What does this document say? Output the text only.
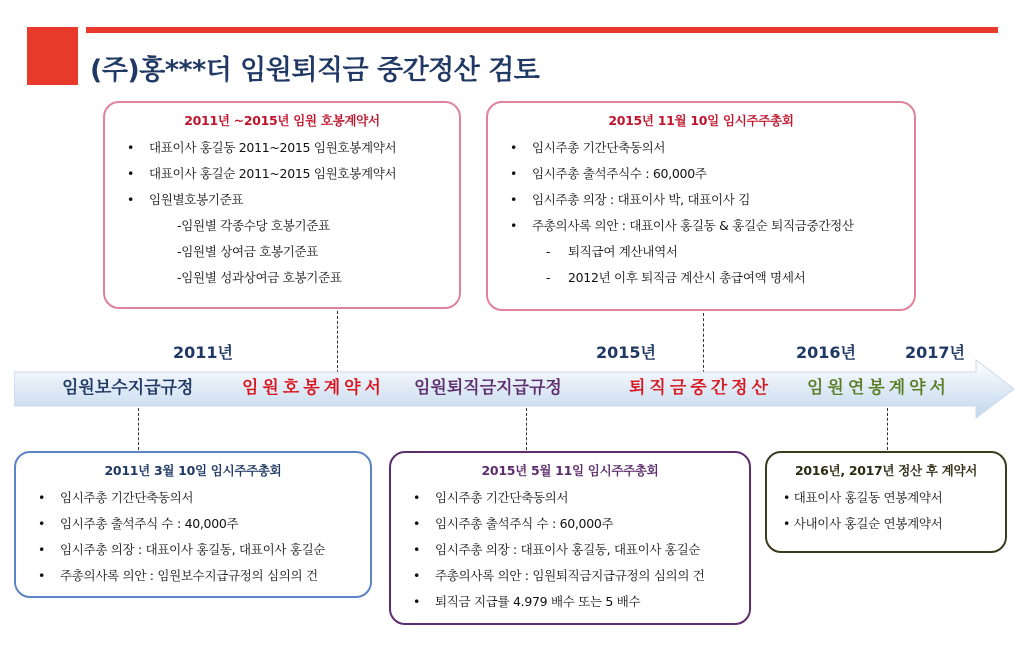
(주)홍***더 임원퇴직금 중간정산 검토
2011년 ~2015년 임원 호봉계약서
• 대표이사 홍길동 2011~2015 임원호봉계약서
• 대표이사 홍길순 2011~2015 임원호봉계약서
• 임원별호봉기준표
-임원별 각종수당 호봉기준표
-임원별 상여금 호봉기준표
-임원별 성과상여금 호봉기준표
2015년 11월 10일 임시주주총회
• 임시주총 기간단축동의서
• 임시주총 출석주식수 : 60,000주
• 임시주총 의장 : 대표이사 박, 대표이사 김
• 주총의사록 의안 : 대표이사 홍길동 & 홍길순 퇴직금중간정산
- 퇴직급여 계산내역서
- 2012년 이후 퇴직금 계산시 총급여액 명세서
2011년	2015년	2016년	2017년
임원보수지급규정	임원호봉계약서 임원퇴직금지급규정	퇴직금중간정산 임원연봉계약서
2011년 3월 10일 임시주주총회
• 임시주총 기간단축동의서
• 임시주총 출석주식 수 : 40,000주
• 임시주총 의장 : 대표이사 홍길동, 대표이사 홍길순
• 주총의사록 의안 : 임원보수지급규정의 심의의 건
2015년 5월 11일 임시주주총회
• 임시주총 기간단축동의서
• 임시주총 출석주식 수 : 60,000주
• 임시주총 의장 : 대표이사 홍길동, 대표이사 홍길순
• 주총의사록 의안 : 임원퇴직금지급규정의 심의의 건
• 퇴직금 지급률 4.979 배수 또는 5 배수
2016년, 2017년 정산 후 계약서
• 대표이사 홍길동 연봉계약서
• 사내이사 홍길순 연봉계약서
